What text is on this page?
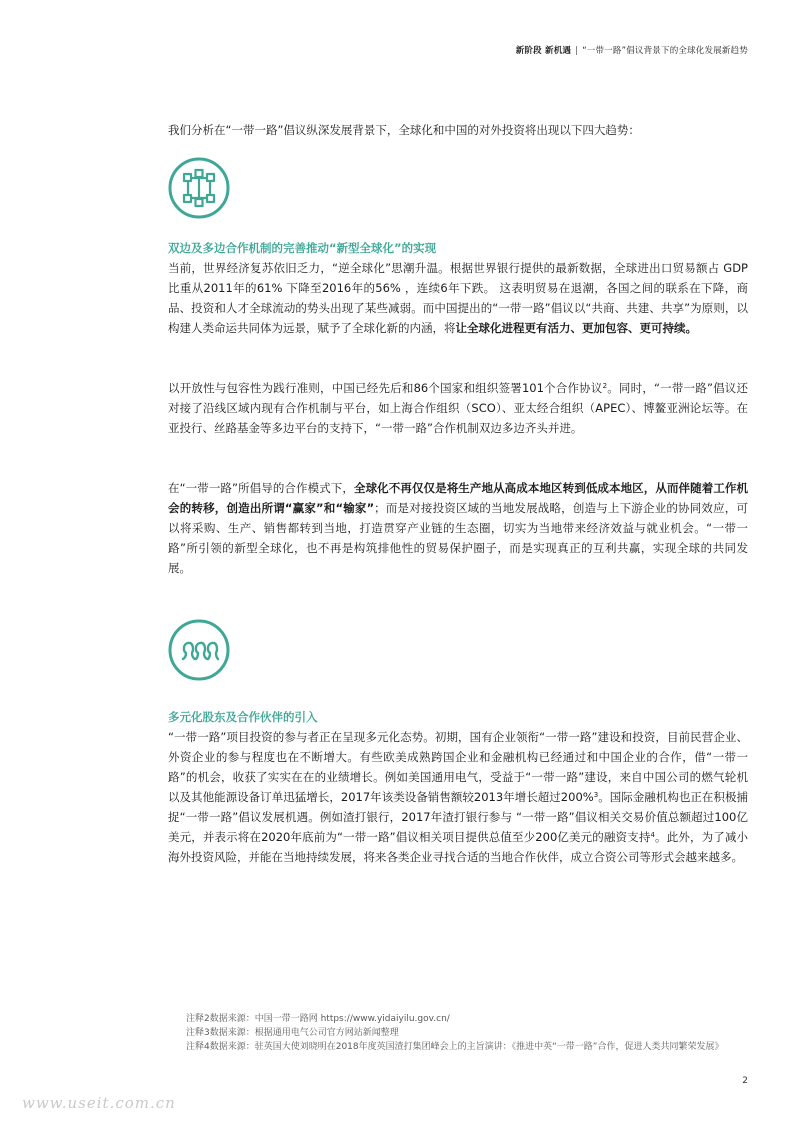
新阶段 新机遇 | “一带一路”倡议背景下的全球化发展新趋势
我们分析在“一带一路”倡议纵深发展背景下，全球化和中国的对外投资将出现以下四大趋势：
双边及多边合作机制的完善推动“新型全球化”的实现
当前，世界经济复苏依旧乏力，“逆全球化”思潮升温。根据世界银行提供的最新数据，全球进出口贸易额占 GDP 比重从2011年的61% 下降至2016年的56% ，连续6年下跌。 这表明贸易在退潮，各国之间的联系在下降，商品、投资和人才全球流动的势头出现了某些减弱。而中国提出的“一带一路”倡议以“共商、共建、共享”为原则，以构建人类命运共同体为远景，赋予了全球化新的内涵，将让全球化进程更有活力、更加包容、更可持续。
以开放性与包容性为践行准则，中国已经先后和86个国家和组织签署101个合作协议$^2$。同时，“一带一路”倡议还对接了沿线区域内现有合作机制与平台，如上海合作组织（SCO）、亚太经合组织（APEC）、博鳌亚洲论坛等。在亚投行、丝路基金等多边平台的支持下，“一带一路”合作机制双边多边齐头并进。
在“一带一路”所倡导的合作模式下，全球化不再仅仅是将生产地从高成本地区转到低成本地区，从而伴随着工作机会的转移，创造出所谓“赢家”和“输家”；而是对接投资区域的当地发展战略，创造与上下游企业的协同效应，可以将采购、生产、销售都转到当地，打造贯穿产业链的生态圈，切实为当地带来经济效益与就业机会。“一带一路”所引领的新型全球化，也不再是构筑排他性的贸易保护圈子，而是实现真正的互利共赢，实现全球的共同发展。
多元化股东及合作伙伴的引入
“一带一路”项目投资的参与者正在呈现多元化态势。初期，国有企业领衔“一带一路”建设和投资，目前民营企业、外资企业的参与程度也在不断增大。有些欧美成熟跨国企业和金融机构已经通过和中国企业的合作，借“一带一路”的机会，收获了实实在在的业绩增长。例如美国通用电气，受益于“一带一路”建设，来自中国公司的燃气轮机以及其他能源设备订单迅猛增长，2017年该类设备销售额较2013年增长超过200%$^3$。国际金融机构也正在积极捕捉“一带一路”倡议发展机遇。例如渣打银行，2017年渣打银行参与 “一带一路”倡议相关交易价值总额超过100亿美元，并表示将在2020年底前为“一带一路”倡议相关项目提供总值至少200亿美元的融资支持$^4$。此外，为了减小海外投资风险，并能在当地持续发展，将来各类企业寻找合适的当地合作伙伴，成立合资公司等形式会越来越多。
注释2数据来源：中国一带一路网 https://www.yidaiyilu.gov.cn/
注释3数据来源：根据通用电气公司官方网站新闻整理
注释4数据来源：驻英国大使刘晓明在2018年度英国渣打集团峰会上的主旨演讲：《推进中英“一带一路”合作，促进人类共同繁荣发展》
2
www.useit.com.cn
